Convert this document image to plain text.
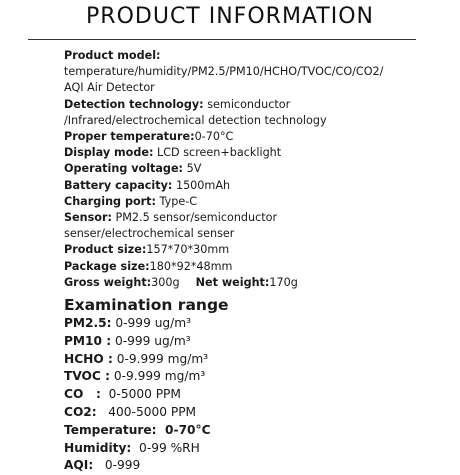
PRODUCT INFORMATION
Product model:
temperature/humidity/PM2.5/PM10/HCHO/TVOC/CO/CO2/
AQI Air Detector
Detection technology: semiconductor
/Infrared/electrochemical detection technology
Proper temperature:0-70°C
Display mode: LCD screen+backlight
Operating voltage: 5V
Battery capacity: 1500mAh
Charging port: Type-C
Sensor: PM2.5 sensor/semiconductor
senser/electrochemical senser
Product size:157*70*30mm
Package size:180*92*48mm
Gross weight:300g Net weight:170g
Examination range
PM2.5: 0-999 ug/m³
PM10 : 0-999 ug/m³
HCHO : 0-9.999 mg/m³
TVOC : 0-9.999 mg/m³
CO   :  0-5000 PPM
CO2:   400-5000 PPM
Temperature:  0-70°C
Humidity:  0-99 %RH
AQI:   0-999
